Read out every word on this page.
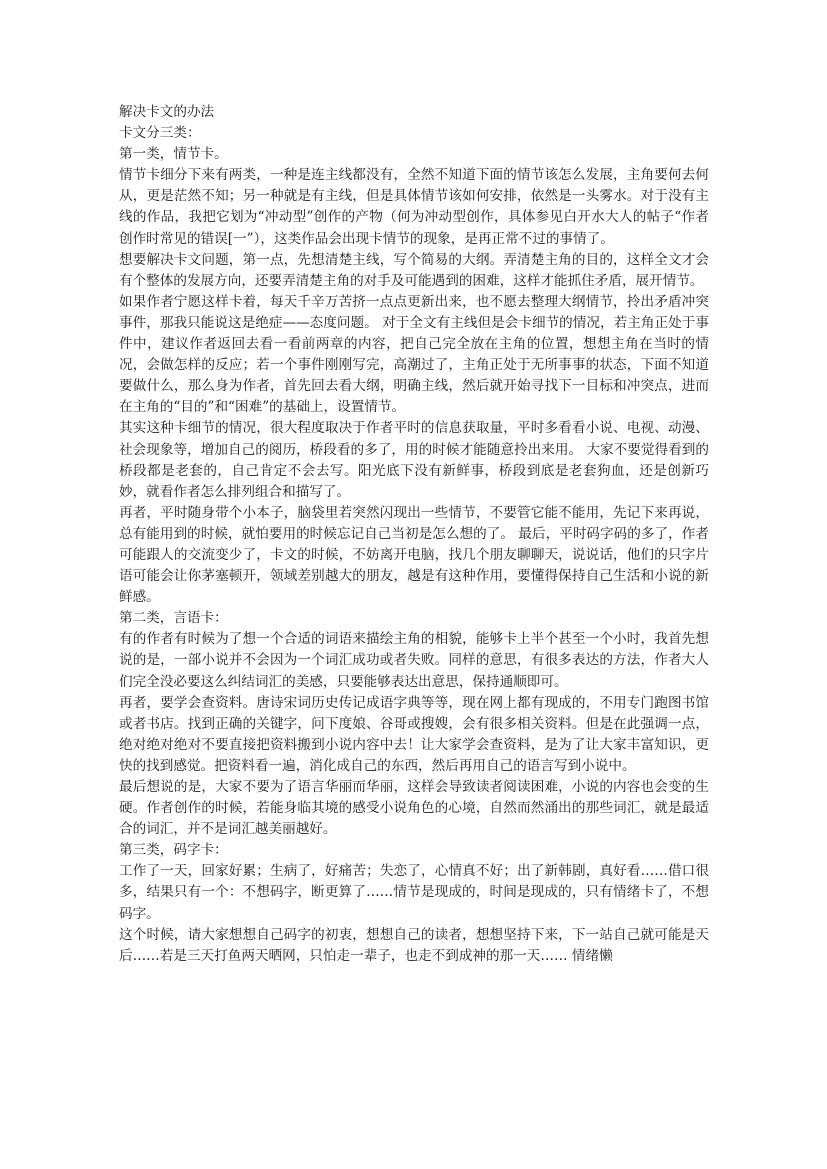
解决卡文的办法

卡文分三类：

第一类，情节卡。

情节卡细分下来有两类，一种是连主线都没有，全然不知道下面的情节该怎么发展，主角要何去何从，更是茫然不知；另一种就是有主线，但是具体情节该如何安排，依然是一头雾水。对于没有主线的作品，我把它划为“冲动型”创作的产物（何为冲动型创作，具体参见白开水大人的帖子“作者创作时常见的错误[一”），这类作品会出现卡情节的现象，是再正常不过的事情了。

想要解决卡文问题，第一点，先想清楚主线，写个简易的大纲。弄清楚主角的目的，这样全文才会有个整体的发展方向，还要弄清楚主角的对手及可能遇到的困难，这样才能抓住矛盾，展开情节。

如果作者宁愿这样卡着，每天千辛万苦挤一点点更新出来，也不愿去整理大纲情节，拎出矛盾冲突事件，那我只能说这是绝症——态度问题。 对于全文有主线但是会卡细节的情况，若主角正处于事件中，建议作者返回去看一看前两章的内容，把自己完全放在主角的位置，想想主角在当时的情况，会做怎样的反应；若一个事件刚刚写完，高潮过了，主角正处于无所事事的状态，下面不知道要做什么，那么身为作者，首先回去看大纲，明确主线，然后就开始寻找下一目标和冲突点，进而在主角的“目的”和“困难”的基础上，设置情节。

其实这种卡细节的情况，很大程度取决于作者平时的信息获取量，平时多看看小说、电视、动漫、社会现象等，增加自己的阅历，桥段看的多了，用的时候才能随意拎出来用。 大家不要觉得看到的桥段都是老套的，自己肯定不会去写。阳光底下没有新鲜事，桥段到底是老套狗血，还是创新巧妙，就看作者怎么排列组合和描写了。

再者，平时随身带个小本子，脑袋里若突然闪现出一些情节，不要管它能不能用，先记下来再说，总有能用到的时候，就怕要用的时候忘记自己当初是怎么想的了。 最后，平时码字码的多了，作者可能跟人的交流变少了，卡文的时候，不妨离开电脑，找几个朋友聊聊天，说说话，他们的只字片语可能会让你茅塞顿开，领域差别越大的朋友，越是有这种作用，要懂得保持自己生活和小说的新鲜感。

第二类，言语卡：

有的作者有时候为了想一个合适的词语来描绘主角的相貌，能够卡上半个甚至一个小时，我首先想说的是，一部小说并不会因为一个词汇成功或者失败。同样的意思，有很多表达的方法，作者大人们完全没必要这么纠结词汇的美感，只要能够表达出意思，保持通顺即可。

再者，要学会查资料。唐诗宋词历史传记成语字典等等，现在网上都有现成的，不用专门跑图书馆或者书店。找到正确的关键字，问下度娘、谷哥或搜嫂，会有很多相关资料。但是在此强调一点，绝对绝对绝对不要直接把资料搬到小说内容中去！让大家学会查资料，是为了让大家丰富知识，更快的找到感觉。把资料看一遍，消化成自己的东西，然后再用自己的语言写到小说中。

最后想说的是，大家不要为了语言华丽而华丽，这样会导致读者阅读困难，小说的内容也会变的生硬。作者创作的时候，若能身临其境的感受小说角色的心境，自然而然涌出的那些词汇，就是最适合的词汇，并不是词汇越美丽越好。

第三类，码字卡：

工作了一天，回家好累；生病了，好痛苦；失恋了，心情真不好；出了新韩剧，真好看……借口很多，结果只有一个：不想码字，断更算了……情节是现成的，时间是现成的，只有情绪卡了，不想码字。

这个时候，请大家想想自己码字的初衷，想想自己的读者，想想坚持下来，下一站自己就可能是天后……若是三天打鱼两天晒网，只怕走一辈子，也走不到成神的那一天…… 情绪懒
